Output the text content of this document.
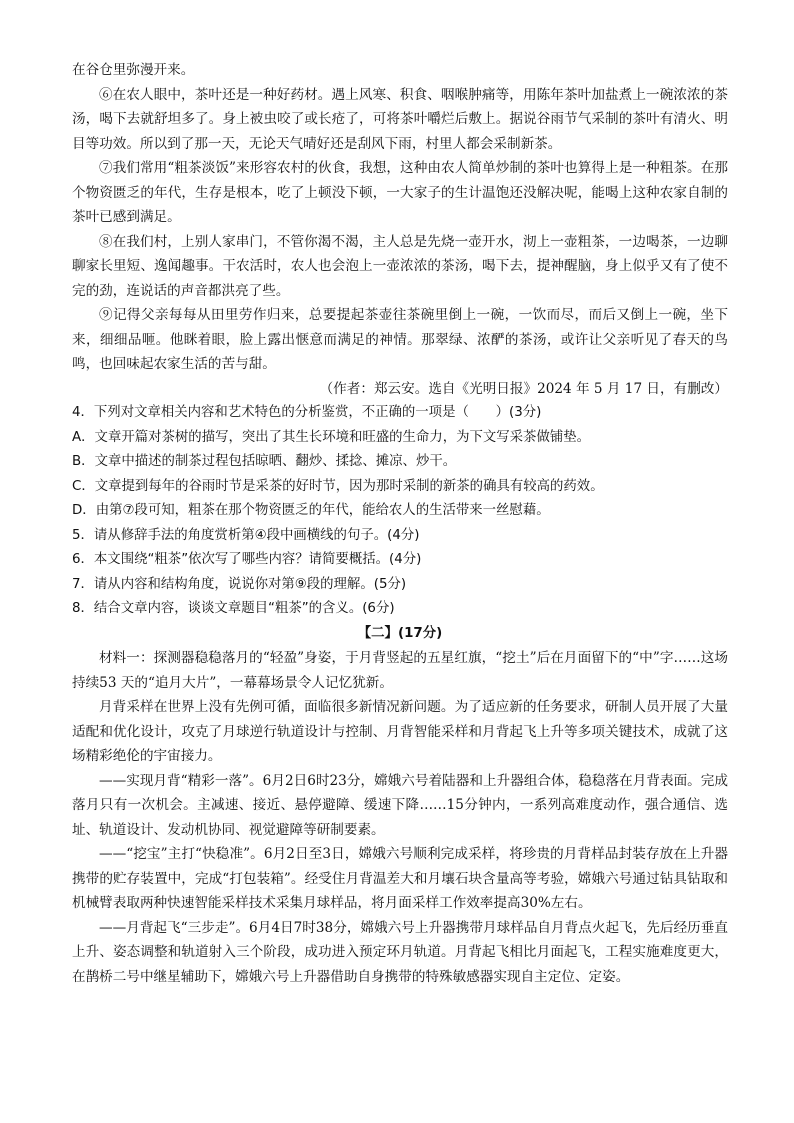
在谷仓里弥漫开来。

⑥在农人眼中，茶叶还是一种好药材。遇上风寒、积食、咽喉肿痛等，用陈年茶叶加盐煮上一碗浓浓的茶汤，喝下去就舒坦多了。身上被虫咬了或长疮了，可将茶叶嚼烂后敷上。据说谷雨节气采制的茶叶有清火、明目等功效。所以到了那一天，无论天气晴好还是刮风下雨，村里人都会采制新茶。

⑦我们常用“粗茶淡饭”来形容农村的伙食，我想，这种由农人简单炒制的茶叶也算得上是一种粗茶。在那个物资匮乏的年代，生存是根本，吃了上顿没下顿，一大家子的生计温饱还没解决呢，能喝上这种农家自制的茶叶已感到满足。

⑧在我们村，上别人家串门，不管你渴不渴，主人总是先烧一壶开水，沏上一壶粗茶，一边喝茶，一边聊聊家长里短、逸闻趣事。干农活时，农人也会泡上一壶浓浓的茶汤，喝下去，提神醒脑，身上似乎又有了使不完的劲，连说话的声音都洪亮了些。

⑨记得父亲每每从田里劳作归来，总要提起茶壶往茶碗里倒上一碗，一饮而尽，而后又倒上一碗，坐下来，细细品咂。他眯着眼，脸上露出惬意而满足的神情。那翠绿、浓酽的茶汤，或许让父亲听见了春天的鸟鸣，也回味起农家生活的苦与甜。

（作者：郑云安。选自《光明日报》2024 年 5 月 17 日，有删改）

4．下列对文章相关内容和艺术特色的分析鉴赏，不正确的一项是（　　）(3分)

A．文章开篇对茶树的描写，突出了其生长环境和旺盛的生命力，为下文写采茶做铺垫。

B．文章中描述的制茶过程包括晾晒、翻炒、揉捻、摊凉、炒干。

C．文章提到每年的谷雨时节是采茶的好时节，因为那时采制的新茶的确具有较高的药效。

D．由第⑦段可知，粗茶在那个物资匮乏的年代，能给农人的生活带来一丝慰藉。

5．请从修辞手法的角度赏析第④段中画横线的句子。(4分)

6．本文围绕“粗茶”依次写了哪些内容？请简要概括。(4分)

7．请从内容和结构角度，说说你对第⑨段的理解。(5分)

8．结合文章内容，谈谈文章题目“粗茶”的含义。(6分)

【二】(17分)

材料一：探测器稳稳落月的“轻盈”身姿，于月背竖起的五星红旗，“挖土”后在月面留下的“中”字……这场持续53 天的“追月大片”，一幕幕场景令人记忆犹新。

月背采样在世界上没有先例可循，面临很多新情况新问题。为了适应新的任务要求，研制人员开展了大量适配和优化设计，攻克了月球逆行轨道设计与控制、月背智能采样和月背起飞上升等多项关键技术，成就了这场精彩绝伦的宇宙接力。

——实现月背“精彩一落”。6月2日6时23分，嫦娥六号着陆器和上升器组合体，稳稳落在月背表面。完成落月只有一次机会。主减速、接近、悬停避障、缓速下降……15分钟内，一系列高难度动作，强合通信、选址、轨道设计、发动机协同、视觉避障等研制要素。

——“挖宝”主打“快稳准”。6月2日至3日，嫦娥六号顺利完成采样，将珍贵的月背样品封装存放在上升器携带的贮存装置中，完成“打包装箱”。经受住月背温差大和月壤石块含量高等考验，嫦娥六号通过钻具钻取和机械臂表取两种快速智能采样技术采集月球样品，将月面采样工作效率提高30%左右。

——月背起飞“三步走”。6月4日7时38分，嫦娥六号上升器携带月球样品自月背点火起飞，先后经历垂直上升、姿态调整和轨道射入三个阶段，成功进入预定环月轨道。月背起飞相比月面起飞，工程实施难度更大，在鹊桥二号中继星辅助下，嫦娥六号上升器借助自身携带的特殊敏感器实现自主定位、定姿。
